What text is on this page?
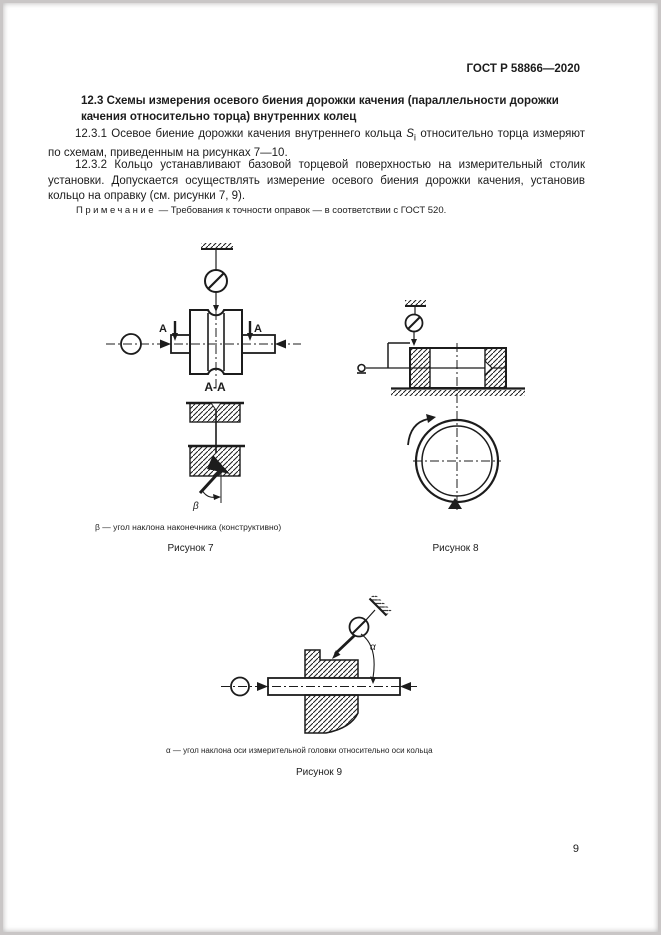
ГОСТ Р 58866—2020
12.3 Схемы измерения осевого биения дорожки качения (параллельности дорожки качения относительно торца) внутренних колец

12.3.1 Осевое биение дорожки качения внутреннего кольца $S_i$ относительно торца измеряют по схемам, приведенным на рисунках 7—10.

12.3.2 Кольцо устанавливают базовой торцевой поверхностью на измерительный столик установки. Допускается осуществлять измерение осевого биения дорожки качения, установив кольцо на оправку (см. рисунки 7, 9).

Примечание — Требования к точности оправок — в соответствии с ГОСТ 520.

A	A
A-A
β
β — угол наклона наконечника (конструктивно)
Рисунок 7	Рисунок 8
α
α — угол наклона оси измерительной головки относительно оси кольца
Рисунок 9
9
